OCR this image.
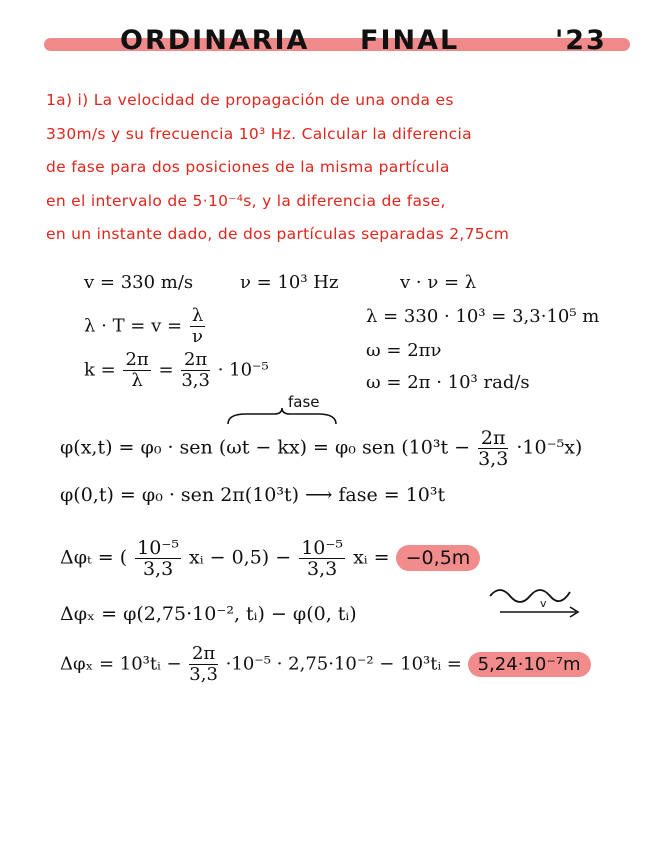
ORDINARIA FINAL	'23
1a) i) La velocidad de propagación de una onda es
330m/s y su frecuencia 10³ Hz. Calcular la diferencia
de fase para dos posiciones de la misma partícula
en el intervalo de 5·10⁻⁴s, y la diferencia de fase,
en un instante dado, de dos partículas separadas 2,75cm
v = 330 m/s	ν = 10³ Hz	v · ν = λ
$\lambda \cdot T = v = \frac{\lambda}{\nu}$	λ = 330 · 10³ = 3,3·10⁵ m
$k = \frac{2\pi}{\lambda} = \frac{2\pi}{3,3} \cdot 10^{-5}$
ω = 2πν
ω = 2π · 10³ rad/s
fase
φ(x,t) = φ₀ · sen (ωt − kx) = φ₀ sen $(10^3t - \frac{2\pi}{3,3} \cdot 10^{-5}x)$
φ(0,t) = φ₀ · sen 2π(10³t) ⟶ fase = 10³t
Δφₜ = ( $\frac{\text{10⁻⁵}}{3,3}$ xᵢ − $0,5) - \frac{\text{10⁻⁵}}{3,3}$ xᵢ = −0,5m
v
Δφₓ = φ(2,75·10⁻², tᵢ) − φ(0, tᵢ)
Δφₓ = 10³tᵢ − $\frac{2\pi}{3,3} \cdot 10^{-5} \cdot 2,75\cdot 10^{-2}$ − 10³tᵢ = 5,24·10⁻⁷m
